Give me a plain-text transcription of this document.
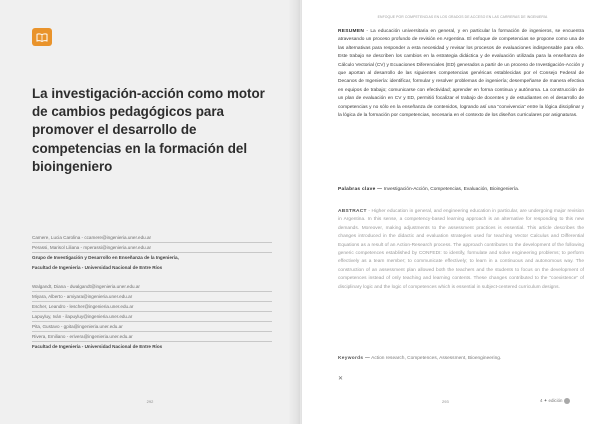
La investigación-acción como motor de cambios pedagógicos para promover el desarrollo de competencias en la formación del bioingeniero
Camere, Lucia Carolina - ccamere@ingenieria.uner.edu.ar
Perassi, Marisol Liliana - mperassi@ingenieria.uner.edu.ar
Grupo de Investigación y Desarrollo en Enseñanza de la Ingeniería,
Facultad de Ingeniería - Universidad Nacional de Entre Ríos
Walgandt, Diana - dwalgandt@ingenieria.uner.edu.ar
Miyara, Alberto - amiyara@ingenieria.uner.edu.ar
Escher, Leandro - lescher@ingenieria.uner.edu.ar
Lapuyluy, Iván - ilapuyluy@ingenieria.uner.edu.ar
Pita, Gustavo - gpita@ingenieria.uner.edu.ar
Rivera, Emiliano - erivera@ingenieria.uner.edu.ar
Facultad de Ingeniería - Universidad Nacional de Entre Ríos
292
ENFOQUE POR COMPETENCIAS EN LOS GRADOS DE ACCESO EN LAS CARRERAS DE INGENIERÍA

RESUMEN - La educación universitaria en general, y en particular la formación de ingenieros, se encuentra atravesando un proceso profundo de revisión en Argentina. El enfoque de competencias se propone como una de las alternativas para responder a esta necesidad y revisar los procesos de evaluaciones indispensable para ello. Este trabajo se describen los cambios en la estrategia didáctica y de evaluación utilizada para la enseñanza de Cálculo Vectorial (CV) y Ecuaciones Diferenciales (ED) generados a partir de un proceso de Investigación-Acción y que aportan al desarrollo de las siguientes competencias genéricas establecidas por el Consejo Federal de Decanos de Ingeniería: identificar, formular y resolver problemas de ingeniería; desempeñarse de manera efectiva en equipos de trabajo; comunicarse con efectividad; aprender en forma continua y autónoma. La construcción de un plan de evaluación en CV y ED, permitió focalizar el trabajo de docentes y de estudiantes en el desarrollo de competencias y no sólo en la enseñanza de contenidos, logrando así una “convivencia” entre la lógica disciplinar y la lógica de la formación por competencias, necesaria en el contexto de los diseños curriculares por asignaturas.

Palabras clave — Investigación-Acción, Competencias, Evaluación, Bioingeniería.

ABSTRACT - Higher education in general, and engineering education in particular, are undergoing major revision in Argentina. In this sense, a competency-based learning approach is an alternative for responding to this new demands. Moreover, making adjustments to the assessment practices is essential. This article describes the changes introduced in the didactic and evaluation strategies used for teaching Vector Calculus and Differential Equations as a result of an Action-Research process. The approach contributes to the development of the following generic competences established by CONFEDI: to identify, formulate and solve engineering problems; to perform effectively as a team member; to communicate effectively; to learn in a continuous and autonomous way. The construction of an assessment plan allowed both the teachers and the students to focus on the development of competences instead of only teaching and learning contents. These changes contributed to the “coexistence” of disciplinary logic and the logic of competences which is essential in subject-centered curriculum designs.

Keywords — Action research, Competences, Assessment, Bioengineering.

✕
293	4 ✦ edición
